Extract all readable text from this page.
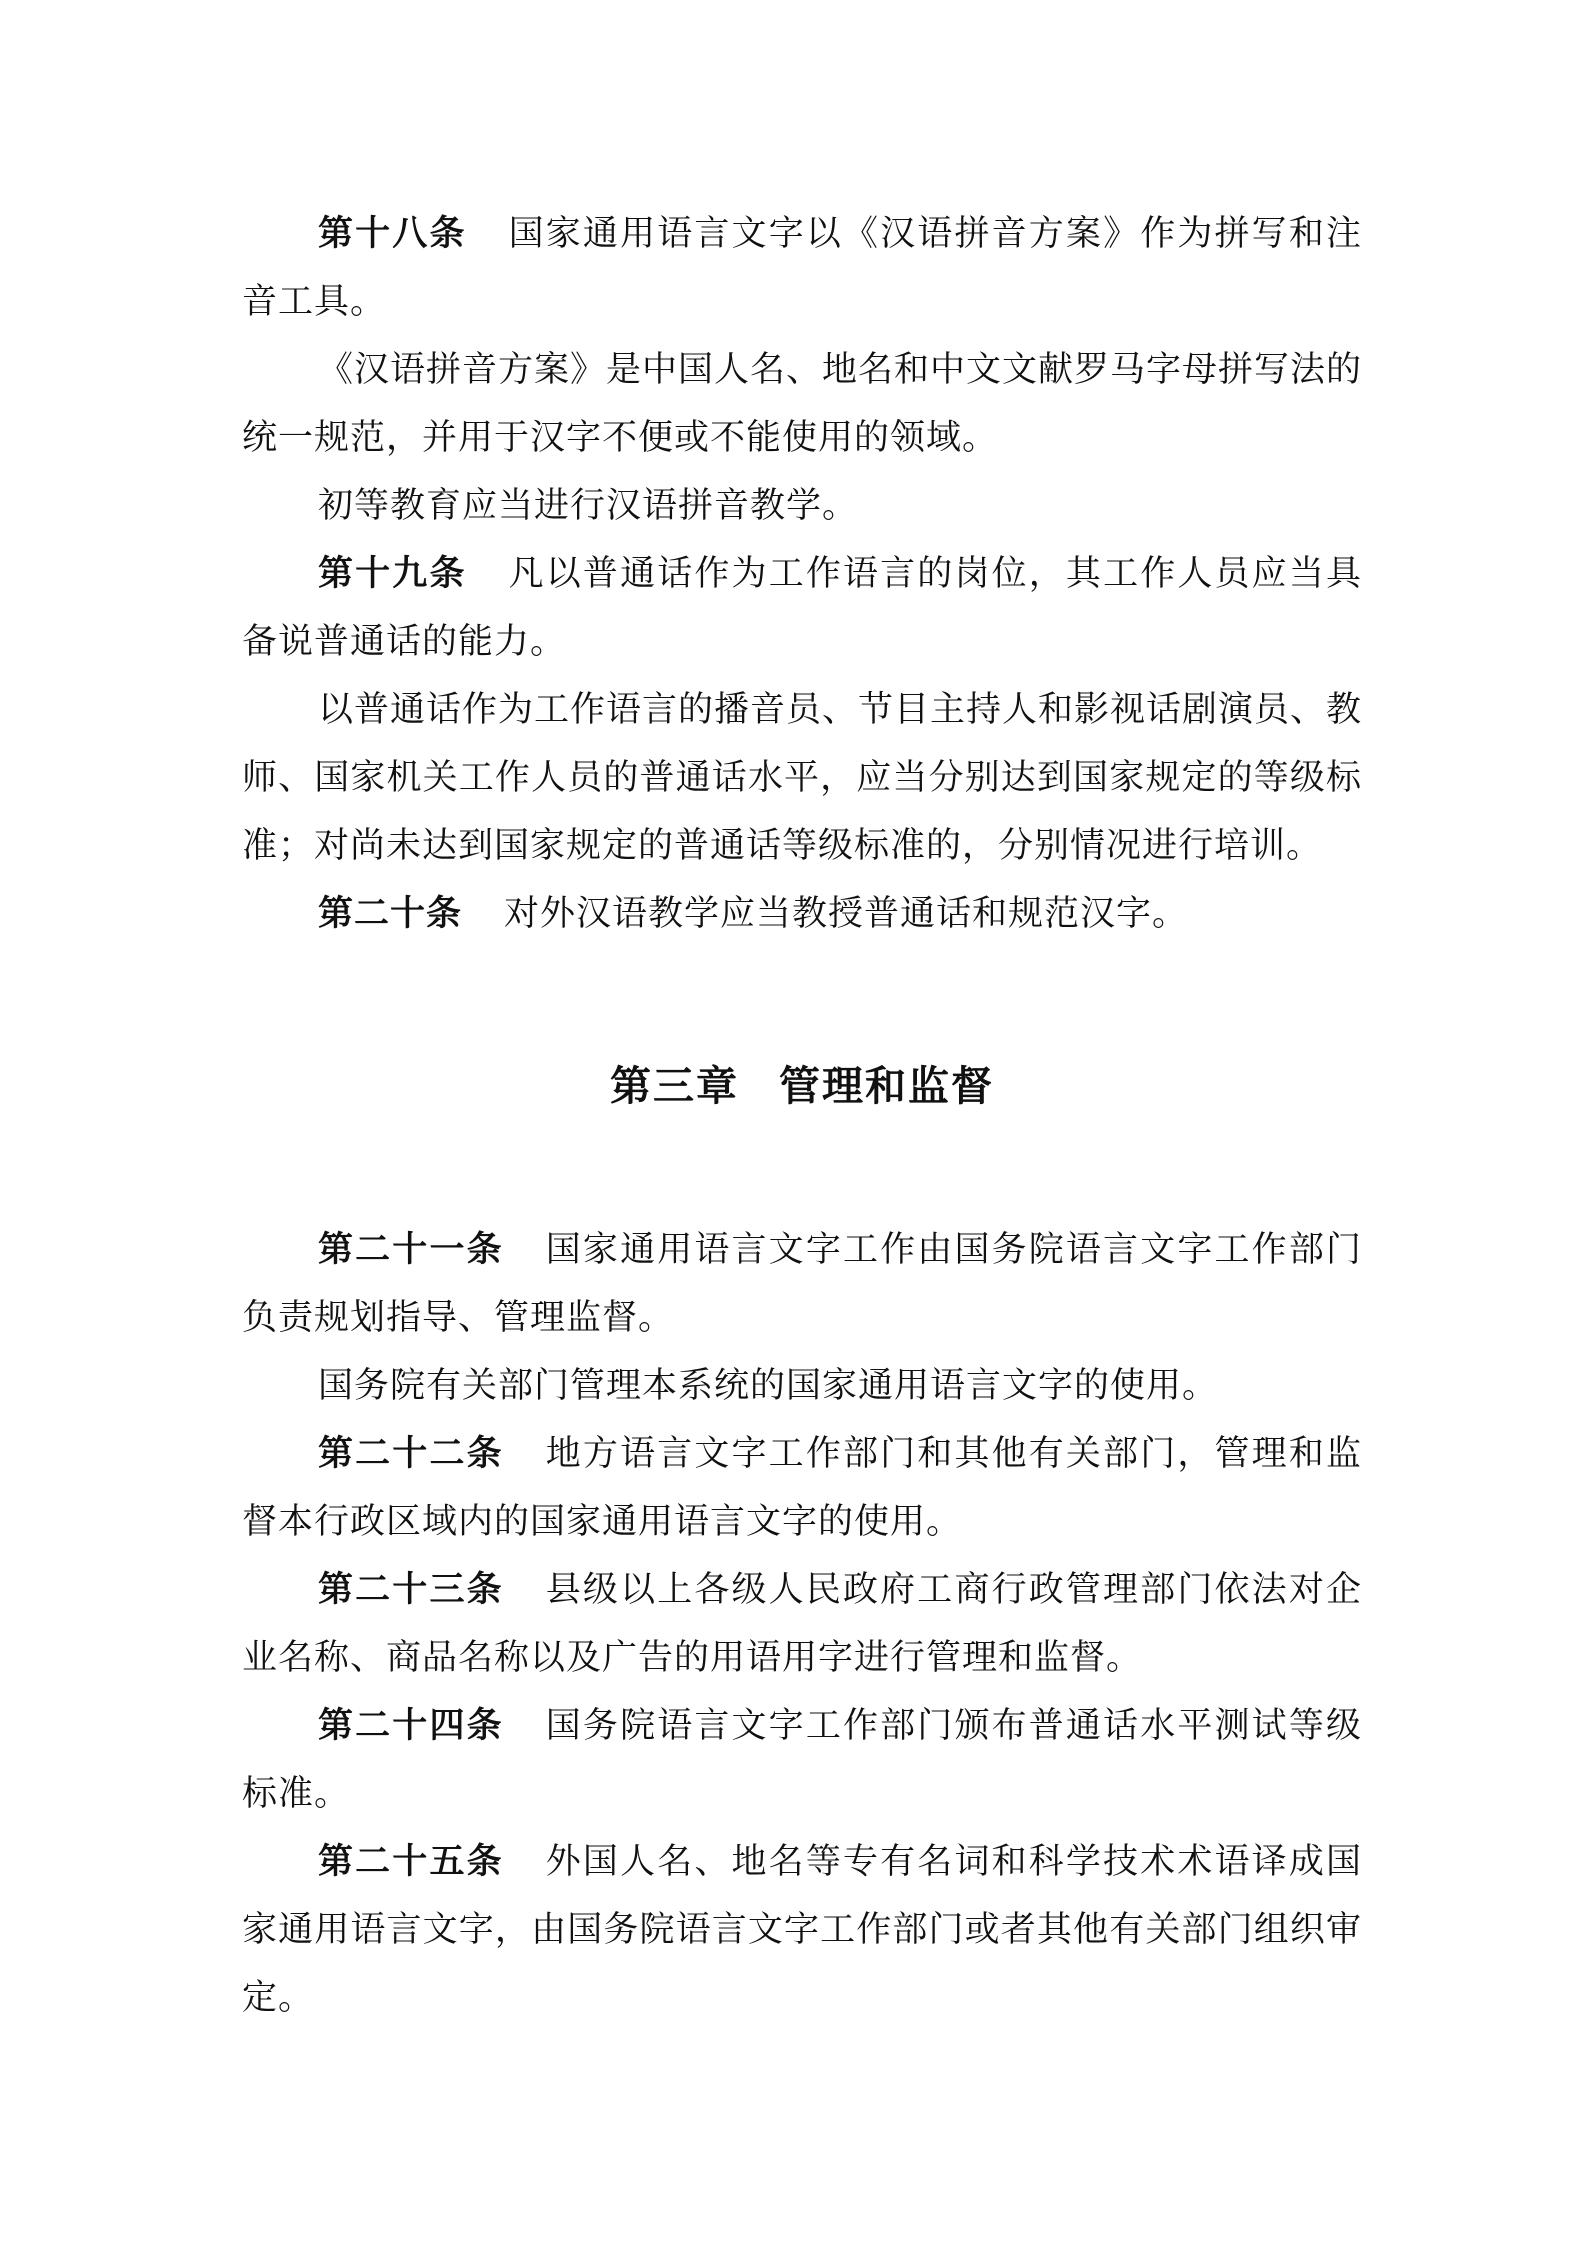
第十八条 国家通用语言文字以《汉语拼音方案》作为拼写和注音工具。

《汉语拼音方案》是中国人名、地名和中文文献罗马字母拼写法的统一规范，并用于汉字不便或不能使用的领域。

初等教育应当进行汉语拼音教学。

第十九条 凡以普通话作为工作语言的岗位，其工作人员应当具备说普通话的能力。

以普通话作为工作语言的播音员、节目主持人和影视话剧演员、教师、国家机关工作人员的普通话水平，应当分别达到国家规定的等级标准；对尚未达到国家规定的普通话等级标准的，分别情况进行培训。

第二十条 对外汉语教学应当教授普通话和规范汉字。

第三章 管理和监督

第二十一条 国家通用语言文字工作由国务院语言文字工作部门负责规划指导、管理监督。

国务院有关部门管理本系统的国家通用语言文字的使用。

第二十二条 地方语言文字工作部门和其他有关部门，管理和监督本行政区域内的国家通用语言文字的使用。

第二十三条 县级以上各级人民政府工商行政管理部门依法对企业名称、商品名称以及广告的用语用字进行管理和监督。

第二十四条 国务院语言文字工作部门颁布普通话水平测试等级标准。

第二十五条 外国人名、地名等专有名词和科学技术术语译成国家通用语言文字，由国务院语言文字工作部门或者其他有关部门组织审定。
